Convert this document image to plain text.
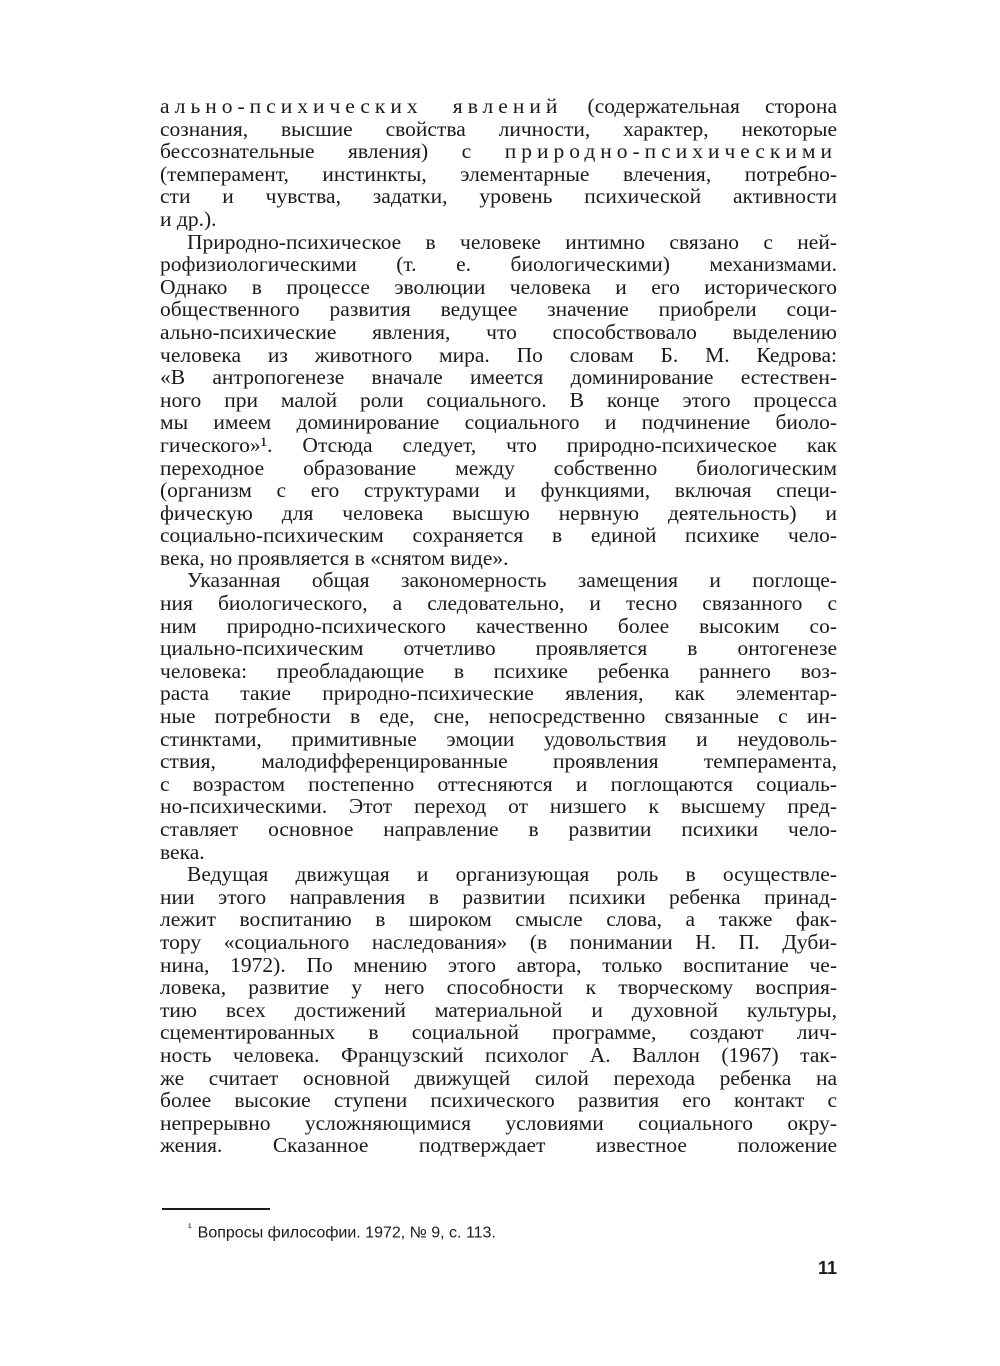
ально-психических явлений (содержательная сторона
сознания, высшие свойства личности, характер, некоторые
бессознательные явления) с природно-психическими
(темперамент, инстинкты, элементарные влечения, потребно-
сти и чувства, задатки, уровень психической активности
и др.).
Природно-психическое в человеке интимно связано с ней-
рофизиологическими (т. е. биологическими) механизмами.
Однако в процессе эволюции человека и его исторического
общественного развития ведущее значение приобрели соци-
ально-психические явления, что способствовало выделению
человека из животного мира. По словам Б. М. Кедрова:
«В антропогенезе вначале имеется доминирование естествен-
ного при малой роли социального. В конце этого процесса
мы имеем доминирование социального и подчинение биоло-
гического»¹. Отсюда следует, что природно-психическое как
переходное образование между собственно биологическим
(организм с его структурами и функциями, включая специ-
фическую для человека высшую нервную деятельность) и
социально-психическим сохраняется в единой психике чело-
века, но проявляется в «снятом виде».
Указанная общая закономерность замещения и поглоще-
ния биологического, а следовательно, и тесно связанного с
ним природно-психического качественно более высоким со-
циально-психическим отчетливо проявляется в онтогенезе
человека: преобладающие в психике ребенка раннего воз-
раста такие природно-психические явления, как элементар-
ные потребности в еде, сне, непосредственно связанные с ин-
стинктами, примитивные эмоции удовольствия и неудоволь-
ствия, малодифференцированные проявления темперамента,
с возрастом постепенно оттесняются и поглощаются социаль-
но-психическими. Этот переход от низшего к высшему пред-
ставляет основное направление в развитии психики чело-
века.
Ведущая движущая и организующая роль в осуществле-
нии этого направления в развитии психики ребенка принад-
лежит воспитанию в широком смысле слова, а также фак-
тору «социального наследования» (в понимании Н. П. Дуби-
нина, 1972). По мнению этого автора, только воспитание че-
ловека, развитие у него способности к творческому восприя-
тию всех достижений материальной и духовной культуры,
сцементированных в социальной программе, создают лич-
ность человека. Французский психолог А. Валлон (1967) так-
же считает основной движущей силой перехода ребенка на
более высокие ступени психического развития его контакт с
непрерывно усложняющимися условиями социального окру-
жения. Сказанное подтверждает известное положение
$^{^1}$ Вопросы философии. 1972, № 9, с. 113.
11
